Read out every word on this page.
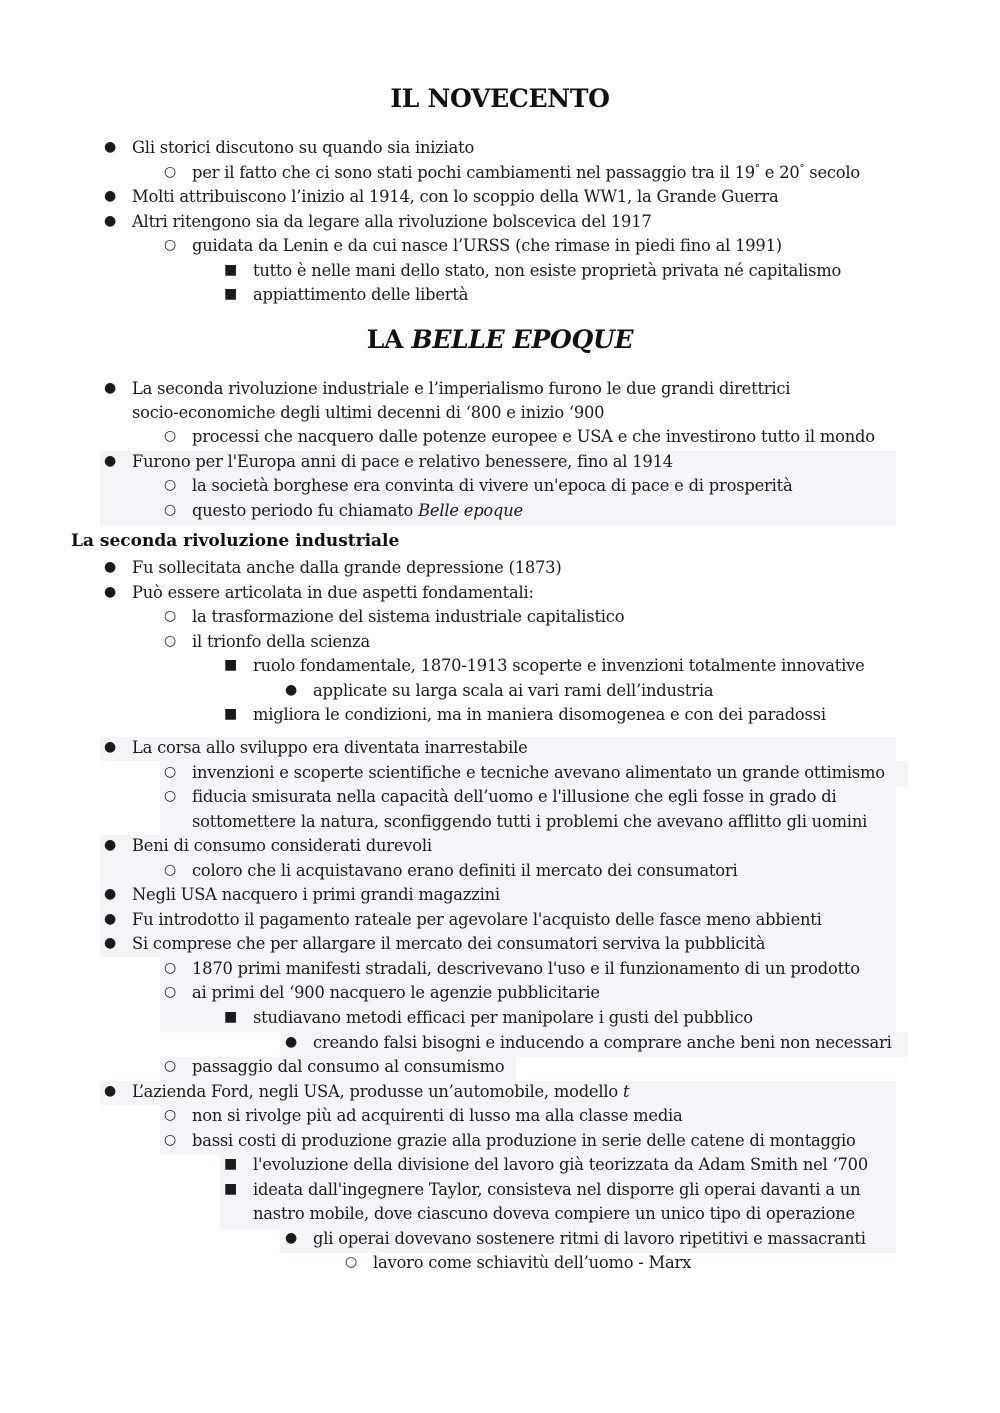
IL NOVECENTO
● Gli storici discutono su quando sia iniziato
○ per il fatto che ci sono stati pochi cambiamenti nel passaggio tra il 19° e 20° secolo
● Molti attribuiscono l’inizio al 1914, con lo scoppio della WW1, la Grande Guerra
● Altri ritengono sia da legare alla rivoluzione bolscevica del 1917
○ guidata da Lenin e da cui nasce l’URSS (che rimase in piedi fino al 1991)
■ tutto è nelle mani dello stato, non esiste proprietà privata né capitalismo
■ appiattimento delle libertà
LA BELLE EPOQUE
● La seconda rivoluzione industriale e l’imperialismo furono le due grandi direttrici
socio-economiche degli ultimi decenni di ‘800 e inizio ‘900
○ processi che nacquero dalle potenze europee e USA e che investirono tutto il mondo
● Furono per l'Europa anni di pace e relativo benessere, fino al 1914
○ la società borghese era convinta di vivere un'epoca di pace e di prosperità
○ questo periodo fu chiamato Belle epoque
La seconda rivoluzione industriale
● Fu sollecitata anche dalla grande depressione (1873)
● Può essere articolata in due aspetti fondamentali:
○ la trasformazione del sistema industriale capitalistico
○ il trionfo della scienza
■ ruolo fondamentale, 1870-1913 scoperte e invenzioni totalmente innovative
● applicate su larga scala ai vari rami dell’industria
■ migliora le condizioni, ma in maniera disomogenea e con dei paradossi
● La corsa allo sviluppo era diventata inarrestabile
○ invenzioni e scoperte scientifiche e tecniche avevano alimentato un grande ottimismo
○ fiducia smisurata nella capacità dell’uomo e l'illusione che egli fosse in grado di
sottomettere la natura, sconfiggendo tutti i problemi che avevano afflitto gli uomini
● Beni di consumo considerati durevoli
○ coloro che li acquistavano erano definiti il mercato dei consumatori
● Negli USA nacquero i primi grandi magazzini
● Fu introdotto il pagamento rateale per agevolare l'acquisto delle fasce meno abbienti
● Si comprese che per allargare il mercato dei consumatori serviva la pubblicità
○ 1870 primi manifesti stradali, descrivevano l'uso e il funzionamento di un prodotto
○ ai primi del ‘900 nacquero le agenzie pubblicitarie
■ studiavano metodi efficaci per manipolare i gusti del pubblico
● creando falsi bisogni e inducendo a comprare anche beni non necessari
○ passaggio dal consumo al consumismo
● L’azienda Ford, negli USA, produsse un’automobile, modello t
○ non si rivolge più ad acquirenti di lusso ma alla classe media
○ bassi costi di produzione grazie alla produzione in serie delle catene di montaggio
■ l'evoluzione della divisione del lavoro già teorizzata da Adam Smith nel ‘700
■ ideata dall'ingegnere Taylor, consisteva nel disporre gli operai davanti a un
nastro mobile, dove ciascuno doveva compiere un unico tipo di operazione
● gli operai dovevano sostenere ritmi di lavoro ripetitivi e massacranti
○ lavoro come schiavitù dell’uomo - Marx
